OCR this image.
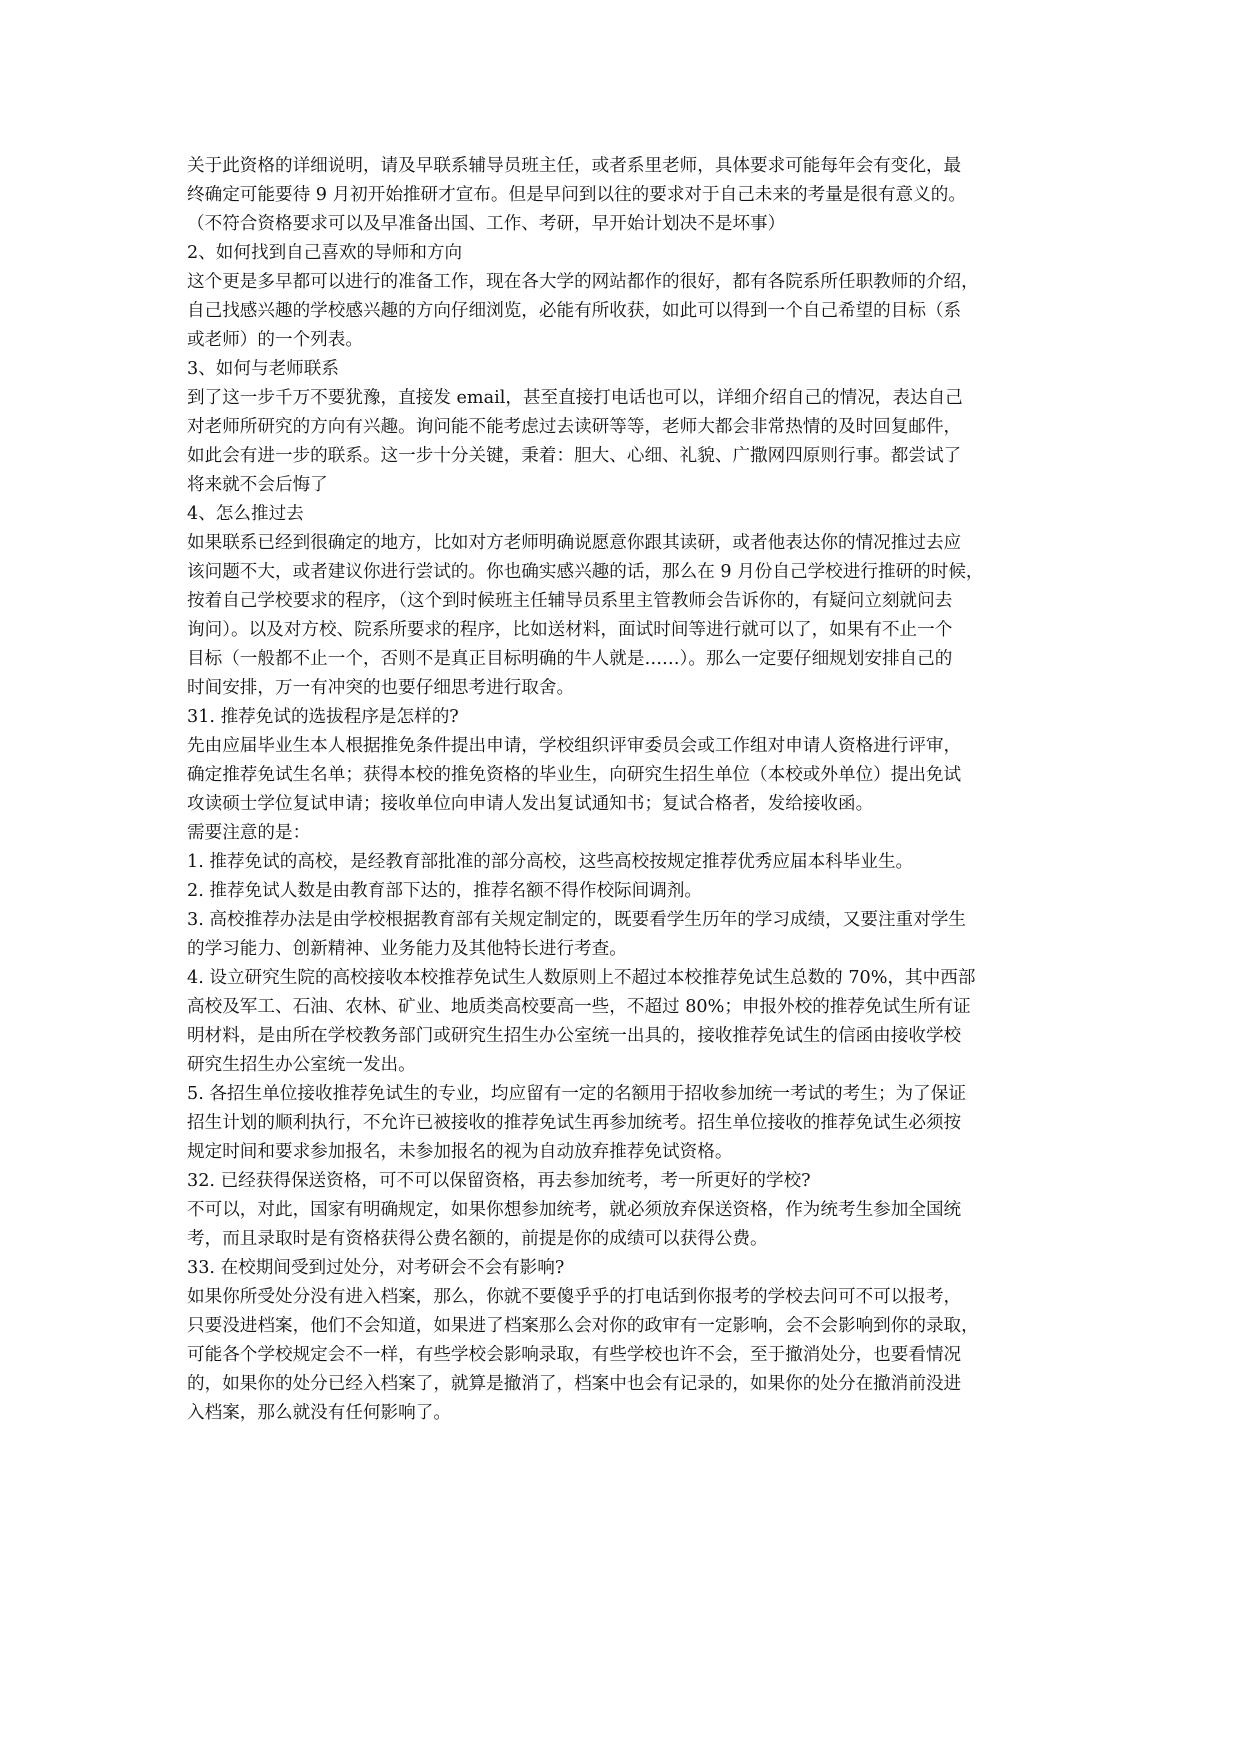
关于此资格的详细说明，请及早联系辅导员班主任，或者系里老师，具体要求可能每年会有变化，最
终确定可能要待 9 月初开始推研才宣布。但是早问到以往的要求对于自己未来的考量是很有意义的。
（不符合资格要求可以及早准备出国、工作、考研，早开始计划决不是坏事）
2、如何找到自己喜欢的导师和方向
这个更是多早都可以进行的准备工作，现在各大学的网站都作的很好，都有各院系所任职教师的介绍，
自己找感兴趣的学校感兴趣的方向仔细浏览，必能有所收获，如此可以得到一个自己希望的目标（系
或老师）的一个列表。
3、如何与老师联系
到了这一步千万不要犹豫，直接发 email，甚至直接打电话也可以，详细介绍自己的情况，表达自己
对老师所研究的方向有兴趣。询问能不能考虑过去读研等等，老师大都会非常热情的及时回复邮件，
如此会有进一步的联系。这一步十分关键，秉着：胆大、心细、礼貌、广撒网四原则行事。都尝试了
将来就不会后悔了
4、怎么推过去
如果联系已经到很确定的地方，比如对方老师明确说愿意你跟其读研，或者他表达你的情况推过去应
该问题不大，或者建议你进行尝试的。你也确实感兴趣的话，那么在 9 月份自己学校进行推研的时候，
按着自己学校要求的程序，（这个到时候班主任辅导员系里主管教师会告诉你的，有疑问立刻就问去
询问）。以及对方校、院系所要求的程序，比如送材料，面试时间等进行就可以了，如果有不止一个
目标（一般都不止一个，否则不是真正目标明确的牛人就是……）。那么一定要仔细规划安排自己的
时间安排，万一有冲突的也要仔细思考进行取舍。
31. 推荐免试的选拔程序是怎样的?
先由应届毕业生本人根据推免条件提出申请，学校组织评审委员会或工作组对申请人资格进行评审，
确定推荐免试生名单；获得本校的推免资格的毕业生，向研究生招生单位（本校或外单位）提出免试
攻读硕士学位复试申请；接收单位向申请人发出复试通知书；复试合格者，发给接收函。
需要注意的是：
1. 推荐免试的高校，是经教育部批准的部分高校，这些高校按规定推荐优秀应届本科毕业生。
2. 推荐免试人数是由教育部下达的，推荐名额不得作校际间调剂。
3. 高校推荐办法是由学校根据教育部有关规定制定的，既要看学生历年的学习成绩，又要注重对学生
的学习能力、创新精神、业务能力及其他特长进行考查。
4. 设立研究生院的高校接收本校推荐免试生人数原则上不超过本校推荐免试生总数的 70%，其中西部
高校及军工、石油、农林、矿业、地质类高校要高一些，不超过 80%；申报外校的推荐免试生所有证
明材料，是由所在学校教务部门或研究生招生办公室统一出具的，接收推荐免试生的信函由接收学校
研究生招生办公室统一发出。
5. 各招生单位接收推荐免试生的专业，均应留有一定的名额用于招收参加统一考试的考生；为了保证
招生计划的顺利执行，不允许已被接收的推荐免试生再参加统考。招生单位接收的推荐免试生必须按
规定时间和要求参加报名，未参加报名的视为自动放弃推荐免试资格。
32. 已经获得保送资格，可不可以保留资格，再去参加统考，考一所更好的学校?
不可以，对此，国家有明确规定，如果你想参加统考，就必须放弃保送资格，作为统考生参加全国统
考，而且录取时是有资格获得公费名额的，前提是你的成绩可以获得公费。
33. 在校期间受到过处分，对考研会不会有影响?
如果你所受处分没有进入档案，那么，你就不要傻乎乎的打电话到你报考的学校去问可不可以报考，
只要没进档案，他们不会知道，如果进了档案那么会对你的政审有一定影响，会不会影响到你的录取，
可能各个学校规定会不一样，有些学校会影响录取，有些学校也许不会，至于撤消处分，也要看情况
的，如果你的处分已经入档案了，就算是撤消了，档案中也会有记录的，如果你的处分在撤消前没进
入档案，那么就没有任何影响了。
